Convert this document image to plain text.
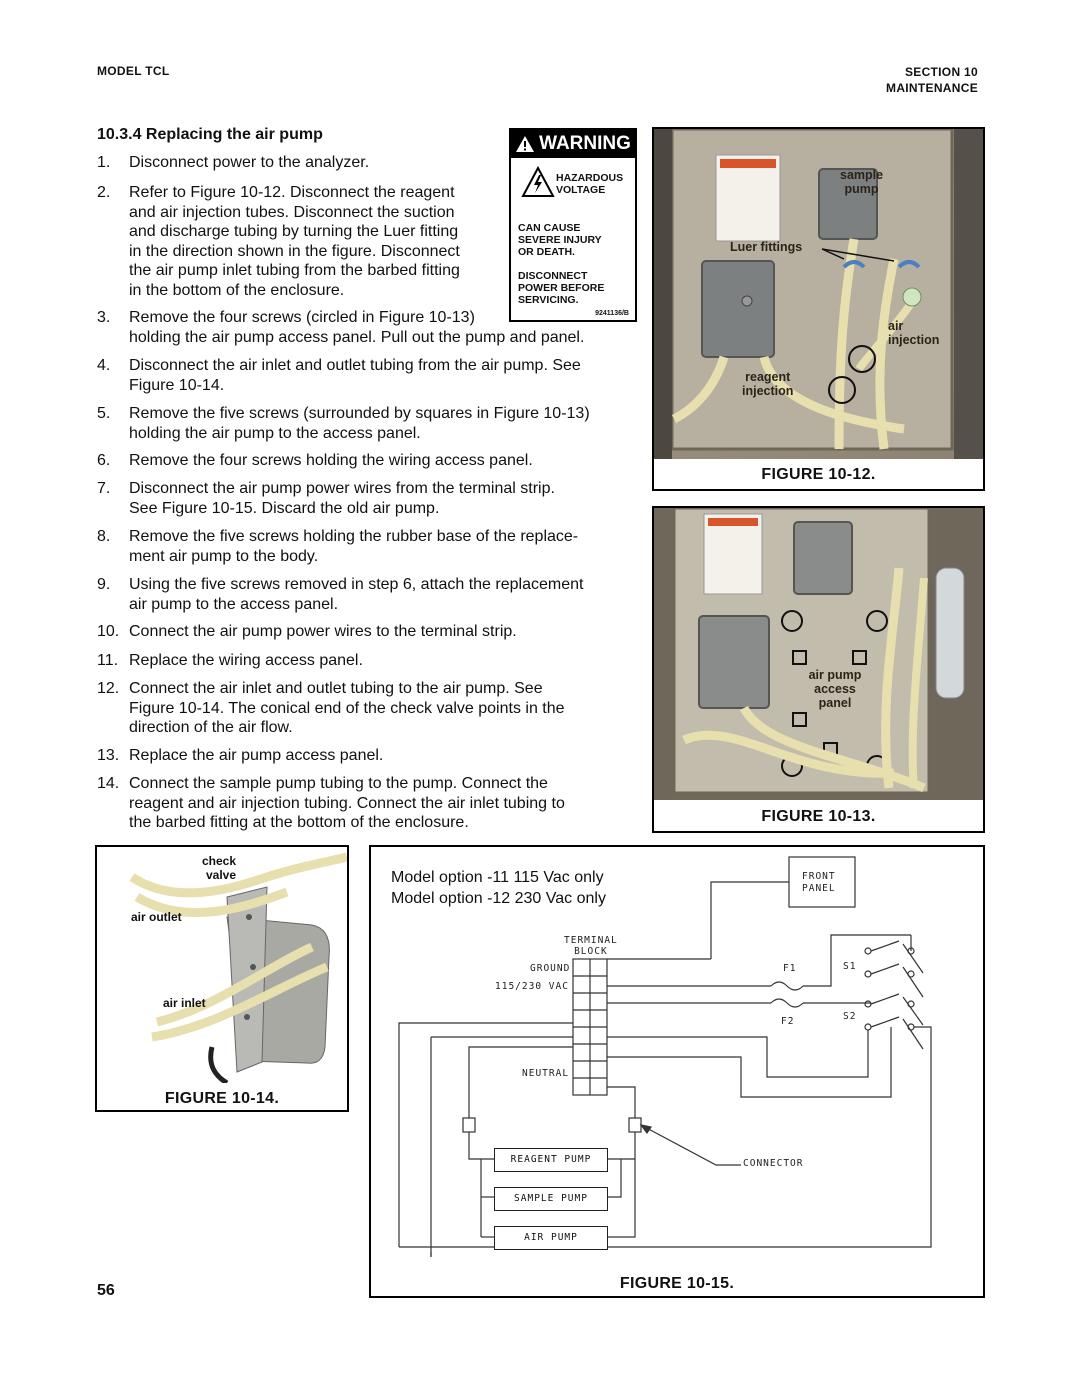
MODEL TCL	SECTION 10
MAINTENANCE
10.3.4 Replacing the air pump
1. Disconnect power to the analyzer.
2. Refer to Figure 10-12. Disconnect the reagent
and air injection tubes. Disconnect the suction
and discharge tubing by turning the Luer fitting
in the direction shown in the figure. Disconnect
the air pump inlet tubing from the barbed fitting
in the bottom of the enclosure.
3. Remove the four screws (circled in Figure 10-13)
holding the air pump access panel. Pull out the pump and panel.
4. Disconnect the air inlet and outlet tubing from the air pump. See
Figure 10-14.
5. Remove the five screws (surrounded by squares in Figure 10-13)
holding the air pump to the access panel.
6. Remove the four screws holding the wiring access panel.
7. Disconnect the air pump power wires from the terminal strip.
See Figure 10-15. Discard the old air pump.
8. Remove the five screws holding the rubber base of the replace-
ment air pump to the body.
9. Using the five screws removed in step 6, attach the replacement
air pump to the access panel.
10. Connect the air pump power wires to the terminal strip.
11. Replace the wiring access panel.
12. Connect the air inlet and outlet tubing to the air pump. See
Figure 10-14. The conical end of the check valve points in the
direction of the air flow.
13. Replace the air pump access panel.
14. Connect the sample pump tubing to the pump. Connect the
reagent and air injection tubing. Connect the air inlet tubing to
the barbed fitting at the bottom of the enclosure.
WARNING
HAZARDOUS
VOLTAGE
CAN CAUSE
SEVERE INJURY
OR DEATH.
DISCONNECT
POWER BEFORE
SERVICING.
9241136/B
sample
pump
Luer fittings
air
injection
reagent
injection
FIGURE 10-12.
air pump
access
panel
FIGURE 10-13.
check
valve
air outlet
air inlet
FIGURE 10-14.
Model option -11 115 Vac only
Model option -12 230 Vac only
FRONT
PANEL
TERMINAL
BLOCK
GROUND
115/230 VAC
NEUTRAL
F1
F2
S1
S2
CONNECTOR
REAGENT PUMP
SAMPLE PUMP
AIR PUMP
FIGURE 10-15.
56
